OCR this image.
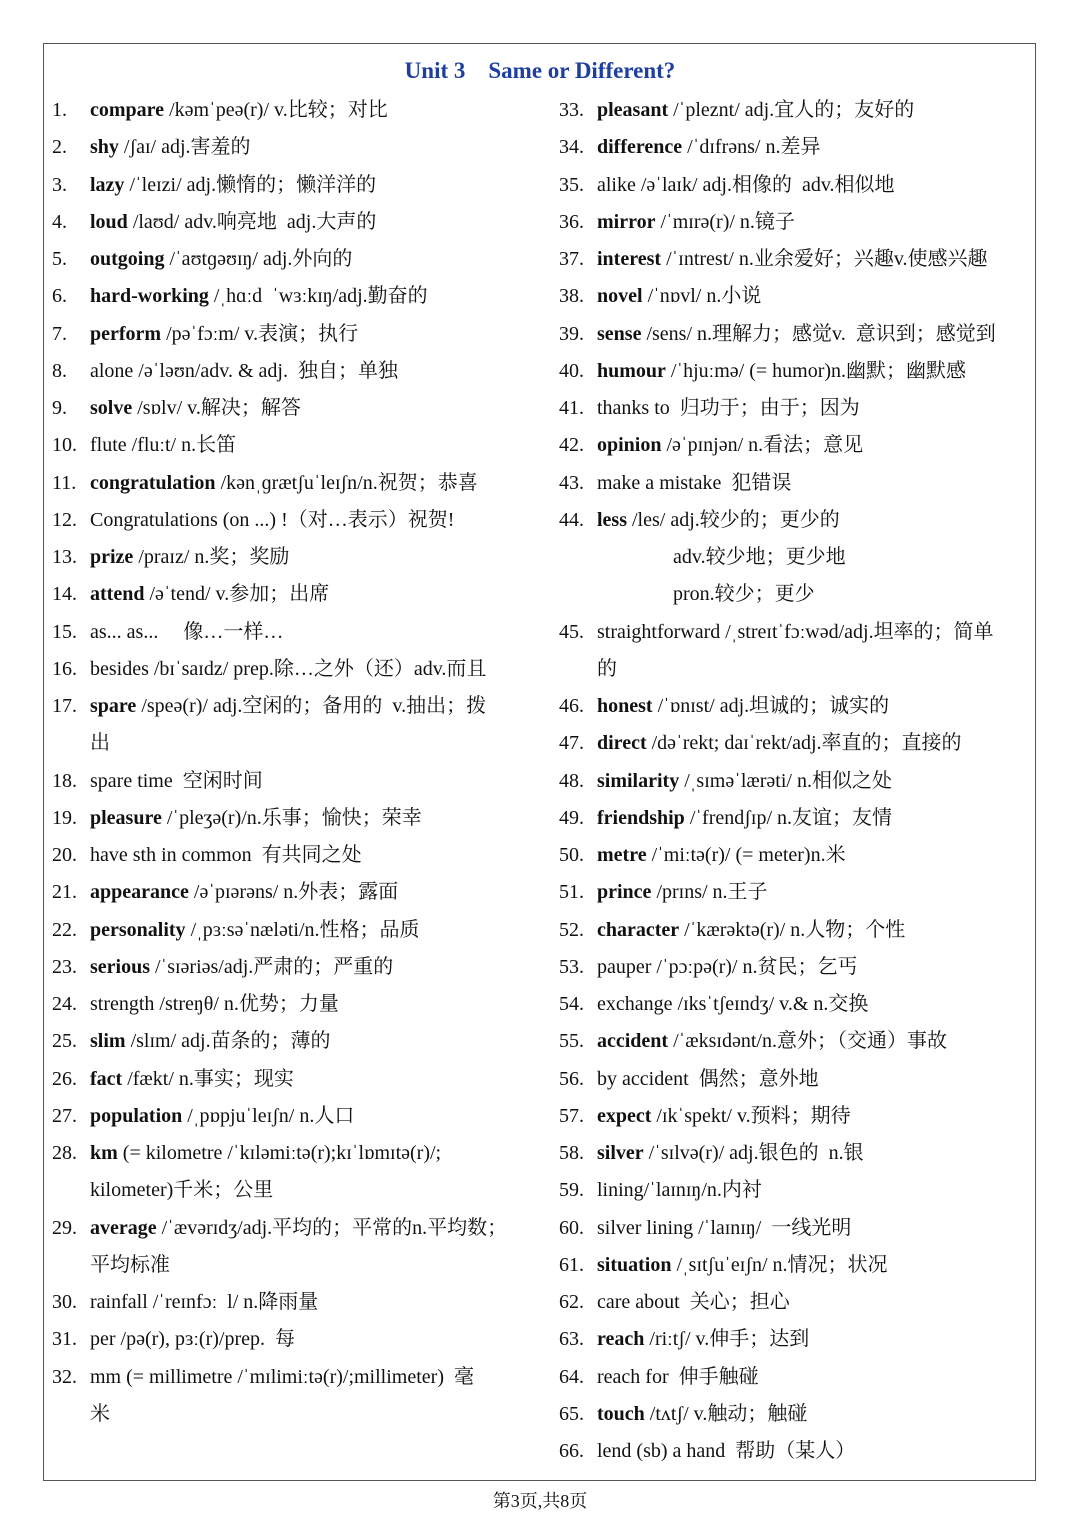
Unit 3    Same or Different?
1. compare /kəmˈpeə(r)/ v.比较；对比
2. shy /ʃaɪ/ adj.害羞的
3. lazy /ˈleɪzi/ adj.懒惰的；懒洋洋的
4. loud /laʊd/ adv.响亮地  adj.大声的
5. outgoing /ˈaʊtɡəʊɪŋ/ adj.外向的
6. hard-working /ˌhɑːd  ˈwɜːkɪŋ/adj.勤奋的
7. perform /pəˈfɔːm/ v.表演；执行
8. alone /əˈləʊn/adv. & adj.  独自；单独
9. solve /sɒlv/ v.解决；解答
10. flute /fluːt/ n.长笛
11. congratulation /kənˌɡrætʃuˈleɪʃn/n.祝贺；恭喜
12. Congratulations (on ...) !（对…表示）祝贺!
13. prize /praɪz/ n.奖；奖励
14. attend /əˈtend/ v.参加；出席
15. as... as...     像…一样…
16. besides /bɪˈsaɪdz/ prep.除…之外（还）adv.而且
17. spare /speə(r)/ adj.空闲的；备用的  v.抽出；拨
出
18. spare time  空闲时间
19. pleasure /ˈpleʒə(r)/n.乐事；愉快；荣幸
20. have sth in common  有共同之处
21. appearance /əˈpɪərəns/ n.外表；露面
22. personality /ˌpɜːsəˈnæləti/n.性格；品质
23. serious /ˈsɪəriəs/adj.严肃的；严重的
24. strength /streŋθ/ n.优势；力量
25. slim /slɪm/ adj.苗条的；薄的
26. fact /fækt/ n.事实；现实
27. population /ˌpɒpjuˈleɪʃn/ n.人口
28. km (= kilometre /ˈkɪləmiːtə(r);kɪˈlɒmɪtə(r)/;
kilometer)千米；公里
29. average /ˈævərɪdʒ/adj.平均的；平常的n.平均数；
平均标准
30. rainfall /ˈreɪnfɔː  l/ n.降雨量
31. per /pə(r), pɜː(r)/prep.  每
32. mm (= millimetre /ˈmɪlimiːtə(r)/;millimeter)  毫
米
33. pleasant /ˈpleznt/ adj.宜人的；友好的
34. difference /ˈdɪfrəns/ n.差异
35. alike /əˈlaɪk/ adj.相像的  adv.相似地
36. mirror /ˈmɪrə(r)/ n.镜子
37. interest /ˈɪntrest/ n.业余爱好；兴趣v.使感兴趣
38. novel /ˈnɒvl/ n.小说
39. sense /sens/ n.理解力；感觉v.  意识到；感觉到
40. humour /ˈhjuːmə/ (= humor)n.幽默；幽默感
41. thanks to  归功于；由于；因为
42. opinion /əˈpɪnjən/ n.看法；意见
43. make a mistake  犯错误
44. less /les/ adj.较少的；更少的
adv.较少地；更少地
pron.较少；更少
45. straightforward /ˌstreɪtˈfɔːwəd/adj.坦率的；简单
的
46. honest /ˈɒnɪst/ adj.坦诚的；诚实的
47. direct /dəˈrekt; daɪˈrekt/adj.率直的；直接的
48. similarity /ˌsɪməˈlærəti/ n.相似之处
49. friendship /ˈfrendʃɪp/ n.友谊；友情
50. metre /ˈmiːtə(r)/ (= meter)n.米
51. prince /prɪns/ n.王子
52. character /ˈkærəktə(r)/ n.人物；个性
53. pauper /ˈpɔːpə(r)/ n.贫民；乞丐
54. exchange /ɪksˈtʃeɪndʒ/ v.& n.交换
55. accident /ˈæksɪdənt/n.意外；（交通）事故
56. by accident  偶然；意外地
57. expect /ɪkˈspekt/ v.预料；期待
58. silver /ˈsɪlvə(r)/ adj.银色的  n.银
59. lining/ˈlaɪnɪŋ/n.内衬
60. silver lining /ˈlaɪnɪŋ/  一线光明
61. situation /ˌsɪtʃuˈeɪʃn/ n.情况；状况
62. care about  关心；担心
63. reach /riːtʃ/ v.伸手；达到
64. reach for  伸手触碰
65. touch /tʌtʃ/ v.触动；触碰
66. lend (sb) a hand  帮助（某人）
第3页,共8页
